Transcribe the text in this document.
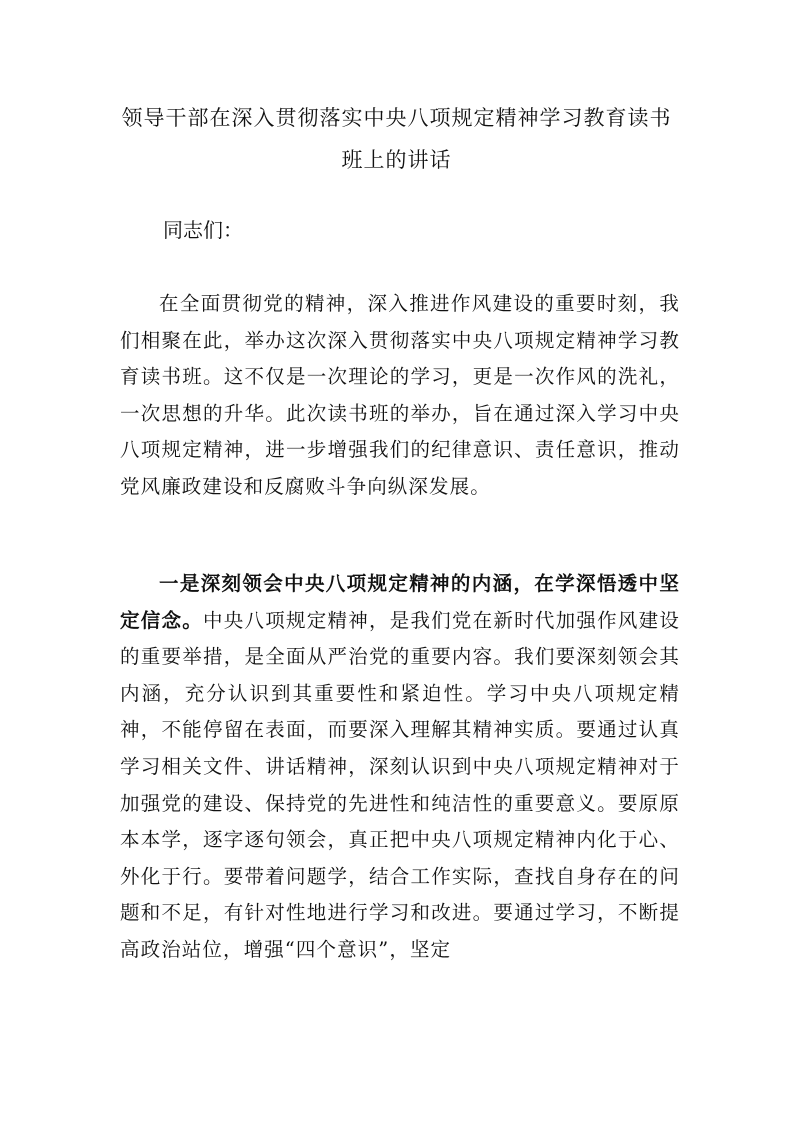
领导干部在深入贯彻落实中央八项规定精神学习教育读书
班上的讲话

同志们：

在全面贯彻党的精神，深入推进作风建设的重要时刻，我们相聚在此，举办这次深入贯彻落实中央八项规定精神学习教育读书班。这不仅是一次理论的学习，更是一次作风的洗礼，一次思想的升华。此次读书班的举办，旨在通过深入学习中央八项规定精神，进一步增强我们的纪律意识、责任意识，推动党风廉政建设和反腐败斗争向纵深发展。

一是深刻领会中央八项规定精神的内涵，在学深悟透中坚定信念。中央八项规定精神，是我们党在新时代加强作风建设的重要举措，是全面从严治党的重要内容。我们要深刻领会其内涵，充分认识到其重要性和紧迫性。学习中央八项规定精神，不能停留在表面，而要深入理解其精神实质。要通过认真学习相关文件、讲话精神，深刻认识到中央八项规定精神对于加强党的建设、保持党的先进性和纯洁性的重要意义。要原原本本学，逐字逐句领会，真正把中央八项规定精神内化于心、外化于行。要带着问题学，结合工作实际，查找自身存在的问题和不足，有针对性地进行学习和改进。要通过学习，不断提高政治站位，增强“四个意识”，坚定
